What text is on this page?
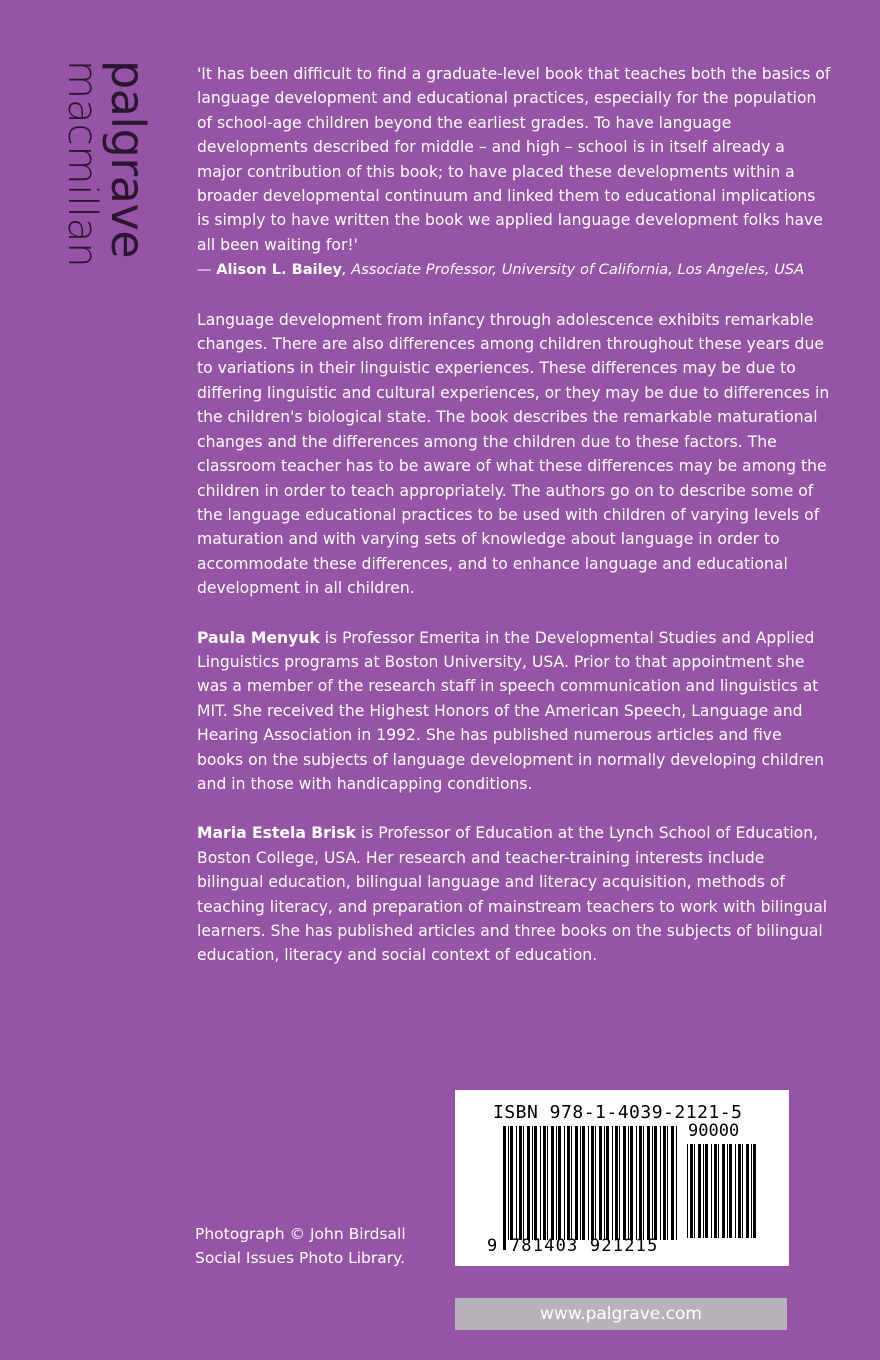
palgrave
macmillan	'It has been difficult to find a graduate-level book that teaches both the basics of language development and educational practices, especially for the population of school-age children beyond the earliest grades. To have language developments described for middle – and high – school is in itself already a major contribution of this book; to have placed these developments within a broader developmental continuum and linked them to educational implications is simply to have written the book we applied language development folks have all been waiting for!'
— Alison L. Bailey, Associate Professor, University of California, Los Angeles, USA

Language development from infancy through adolescence exhibits remarkable changes. There are also differences among children throughout these years due to variations in their linguistic experiences. These differences may be due to differing linguistic and cultural experiences, or they may be due to differences in the children's biological state. The book describes the remarkable maturational changes and the differences among the children due to these factors. The classroom teacher has to be aware of what these differences may be among the children in order to teach appropriately. The authors go on to describe some of the language educational practices to be used with children of varying levels of maturation and with varying sets of knowledge about language in order to accommodate these differences, and to enhance language and educational development in all children.

Paula Menyuk is Professor Emerita in the Developmental Studies and Applied Linguistics programs at Boston University, USA. Prior to that appointment she was a member of the research staff in speech communication and linguistics at MIT. She received the Highest Honors of the American Speech, Language and Hearing Association in 1992. She has published numerous articles and five books on the subjects of language development in normally developing children and in those with handicapping conditions.

Maria Estela Brisk is Professor of Education at the Lynch School of Education, Boston College, USA. Her research and teacher-training interests include bilingual education, bilingual language and literacy acquisition, methods of teaching literacy, and preparation of mainstream teachers to work with bilingual learners. She has published articles and three books on the subjects of bilingual education, literacy and social context of education.

Photograph © John Birdsall
Social Issues Photo Library.
ISBN 978-1-4039-2121-5
90000
9 781403 921215
www.palgrave.com
